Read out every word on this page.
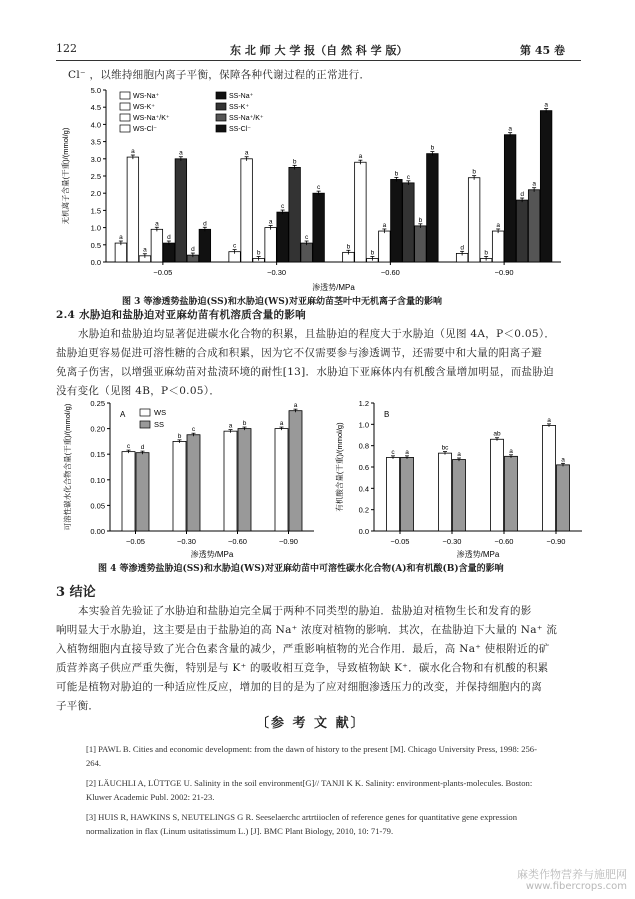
122	东 北 师 大 学 报（自 然 科 学 版）	第 45 卷
Cl⁻ ，以维持细胞内离子平衡，保障各种代谢过程的正常进行．
0.0
0.5
1.0
1.5
2.0
2.5
3.0
3.5
4.0
4.5
5.0
a
a
a
a
d
a
d
d
−0.05
c
a
b
a
c
b
c
c
−0.30
b
a
b
a
b c
b
b
−0.60
d
b
b
a
a
d
a
a
−0.90
渗透势/MPa
无机离子含量(干重)/(mmol/g)
WS-Na⁺
WS-K⁺
WS-Na⁺/K⁺
WS-Cl⁻
SS-Na⁺
SS-K⁺
SS-Na⁺/K⁺
SS-Cl⁻
图 3 等渗透势盐胁迫(SS)和水胁迫(WS)对亚麻幼苗茎叶中无机离子含量的影响
2.4 水胁迫和盐胁迫对亚麻幼苗有机溶质含量的影响
水胁迫和盐胁迫均显著促进碳水化合物的积累，且盐胁迫的程度大于水胁迫（见图 4A，P＜0.05）．
盐胁迫更容易促进可溶性糖的合成和积累，因为它不仅需要参与渗透调节，还需要中和大量的阳离子避
免离子伤害，以增强亚麻幼苗对盐渍环境的耐性[13]．水胁迫下亚麻体内有机酸含量增加明显，而盐胁迫
没有变化（见图 4B，P＜0.05）．
0.00
0.05
0.10
0.15
0.20
0.25
c d
−0.05
b
c
−0.30
a b
−0.60
a
a
−0.90
渗透势/MPa
可溶性碳水化合物含量(干重)/(mmol/g)	A	WS
SS
0.0
0.2
0.4
0.6
0.8
1.0
1.2
c a
−0.05
bc
a
−0.30
ab
a
−0.60
a
a
−0.90
渗透势/MPa
有机酸含量(干重)/(mmol/g)
B
图 4 等渗透势盐胁迫(SS)和水胁迫(WS)对亚麻幼苗中可溶性碳水化合物(A)和有机酸(B)含量的影响
3 结论
本实验首先验证了水胁迫和盐胁迫完全属于两种不同类型的胁迫．盐胁迫对植物生长和发育的影
响明显大于水胁迫，这主要是由于盐胁迫的高 Na⁺ 浓度对植物的影响．其次，在盐胁迫下大量的 Na⁺ 流
入植物细胞内直接导致了光合色素含量的减少，严重影响植物的光合作用．最后，高 Na⁺ 使根附近的矿
质营养离子供应严重失衡，特别是与 K⁺ 的吸收相互竞争，导致植物缺 K⁺．碳水化合物和有机酸的积累
可能是植物对胁迫的一种适应性反应，增加的目的是为了应对细胞渗透压力的改变，并保持细胞内的离
子平衡．
〔参 考 文 献〕
[1] PAWL B. Cities and economic development: from the dawn of history to the present [M]. Chicago University Press, 1998: 256-
264.
[2] LÄUCHLI A, LÜTTGE U. Salinity in the soil environment[G]// TANJI K K. Salinity: environment-plants-molecules. Boston:
Kluwer Academic Publ. 2002: 21-23.
[3] HUIS R, HAWKINS S, NEUTELINGS G R. Seeselaerchc artrtiioclen of reference genes for quantitative gene expression
normalization in flax (Linum usitatissimum L.) [J]. BMC Plant Biology, 2010, 10: 71-79.
麻类作物营养与施肥网
www.fibercrops.com
